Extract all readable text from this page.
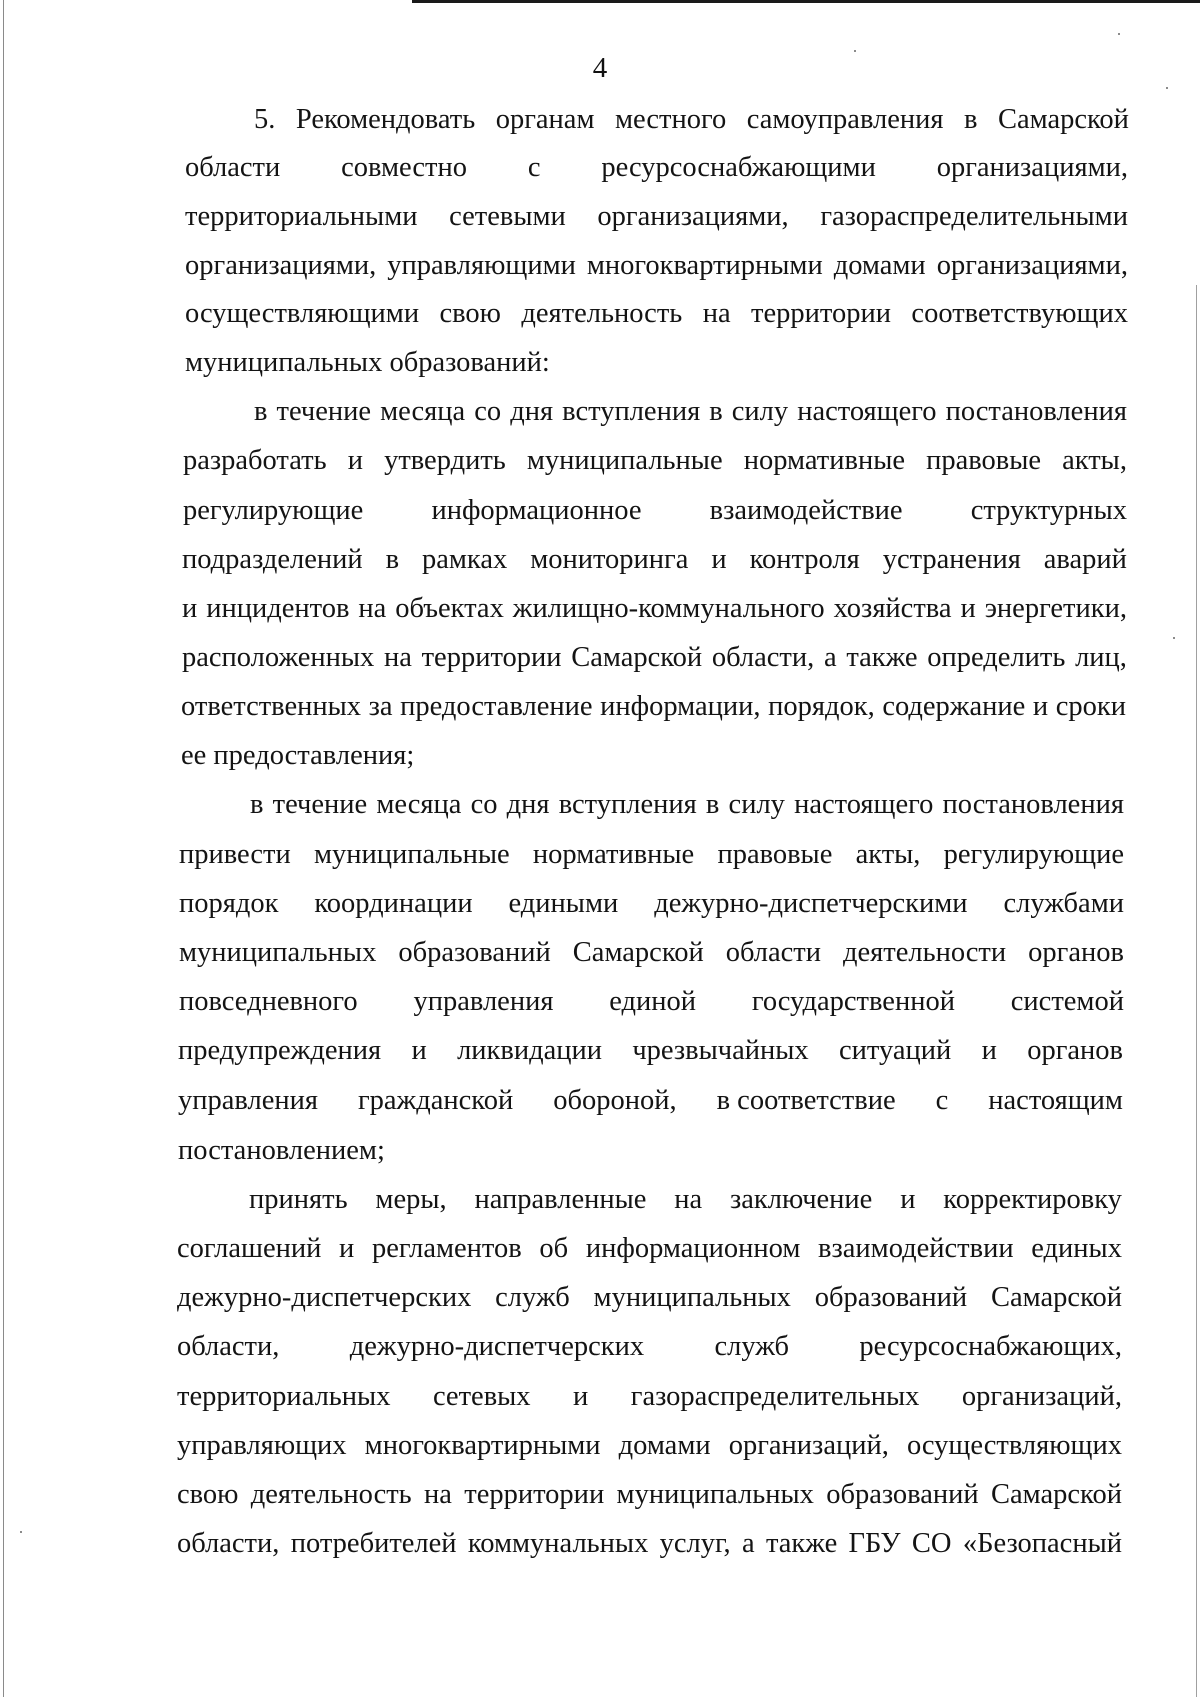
4
5. Рекомендовать органам местного самоуправления в Самарской
области совместно с ресурсоснабжающими организациями,
территориальными сетевыми организациями, газораспределительными
организациями, управляющими многоквартирными домами организациями,
осуществляющими свою деятельность на территории соответствующих
муниципальных образований:
в течение месяца со дня вступления в силу настоящего постановления
разработать и утвердить муниципальные нормативные правовые акты,
регулирующие информационное взаимодействие структурных
подразделений в рамках мониторинга и контроля устранения аварий
и инцидентов на объектах жилищно-коммунального хозяйства и энергетики,
расположенных на территории Самарской области, а также определить лиц,
ответственных за предоставление информации, порядок, содержание и сроки
ее предоставления;
в течение месяца со дня вступления в силу настоящего постановления
привести муниципальные нормативные правовые акты, регулирующие
порядок координации едиными дежурно-диспетчерскими службами
муниципальных образований Самарской области деятельности органов
повседневного управления единой государственной системой
предупреждения и ликвидации чрезвычайных ситуаций и органов
управления гражданской обороной, в соответствие с настоящим
постановлением;
принять меры, направленные на заключение и корректировку
соглашений и регламентов об информационном взаимодействии единых
дежурно-диспетчерских служб муниципальных образований Самарской
области, дежурно-диспетчерских служб ресурсоснабжающих,
территориальных сетевых и газораспределительных организаций,
управляющих многоквартирными домами организаций, осуществляющих
свою деятельность на территории муниципальных образований Самарской
области, потребителей коммунальных услуг, а также ГБУ СО «Безопасный
